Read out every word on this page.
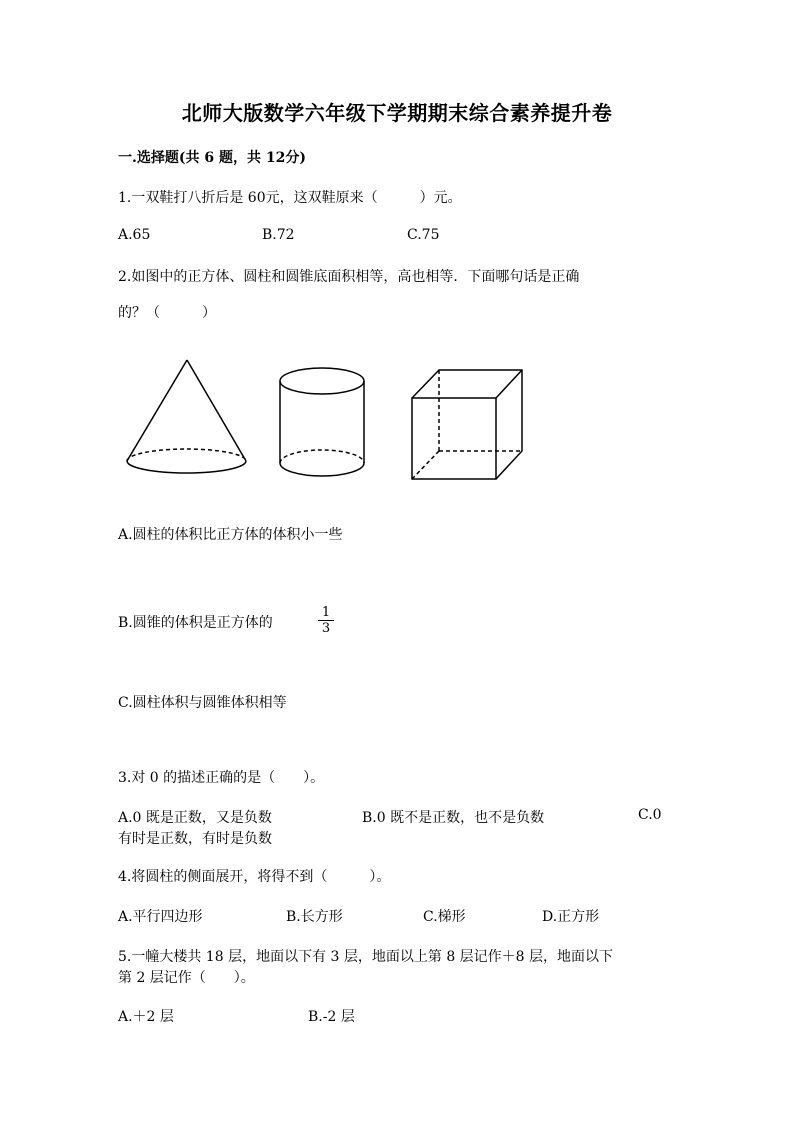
北师大版数学六年级下学期期末综合素养提升卷
一.选择题(共 6 题，共 12分)
1.一双鞋打八折后是 60元，这双鞋原来（　　　）元。
A.65	B.72	C.75
2.如图中的正方体、圆柱和圆锥底面积相等，高也相等．下面哪句话是正确
的？（　　　）
A.圆柱的体积比正方体的体积小一些
B.圆锥的体积是正方体的	$\frac{1}{3}$
C.圆柱体积与圆锥体积相等
3.对 0 的描述正确的是（　　）。
A.0 既是正数，又是负数	B.0 既不是正数，也不是负数	C.0
有时是正数，有时是负数
4.将圆柱的侧面展开，将得不到（　　　）。
A.平行四边形	B.长方形	C.梯形	D.正方形
5.一幢大楼共 18 层，地面以下有 3 层，地面以上第 8 层记作＋8 层，地面以下
第 2 层记作（　　）。
A.＋2 层	B.-2 层
